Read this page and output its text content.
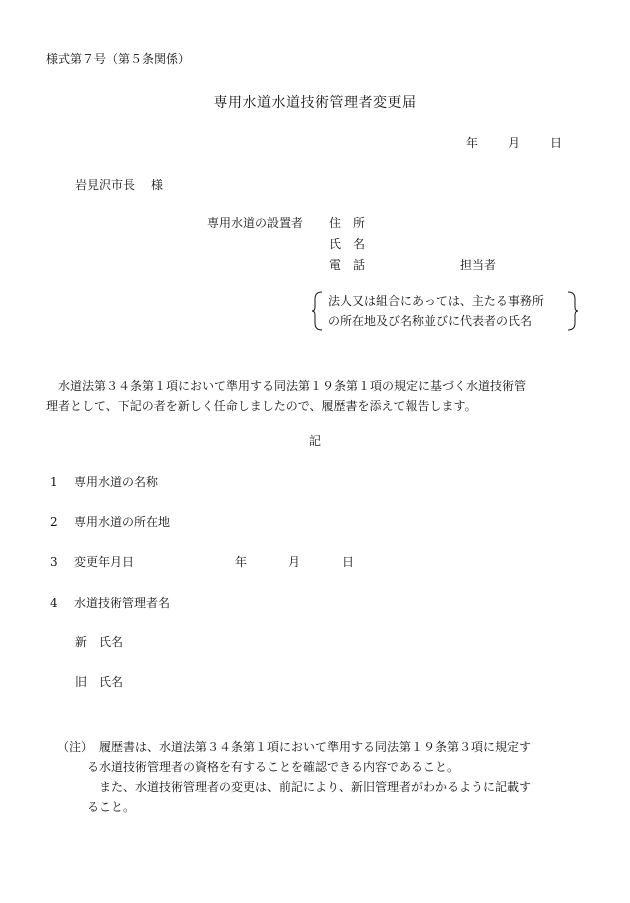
様式第７号（第５条関係）
専用水道水道技術管理者変更届
年	月	日
岩見沢市長 様
専用水道の設置者 住　所
氏　名
電　話	担当者
法人又は組合にあっては、主たる事務所
の所在地及び名称並びに代表者の氏名
　水道法第３４条第１項において準用する同法第１９条第１項の規定に基づく水道技術管
理者として、下記の者を新しく任命しましたので、履歴書を添えて報告します。
記
1 専用水道の名称
2 専用水道の所在地
3 変更年月日	年	月	日
4 水道技術管理者名
新 氏名
旧 氏名
（注） 履歴書は、水道法第３４条第１項において準用する同法第１９条第３項に規定す
る水道技術管理者の資格を有することを確認できる内容であること。
また、水道技術管理者の変更は、前記により、新旧管理者がわかるように記載す
ること。
